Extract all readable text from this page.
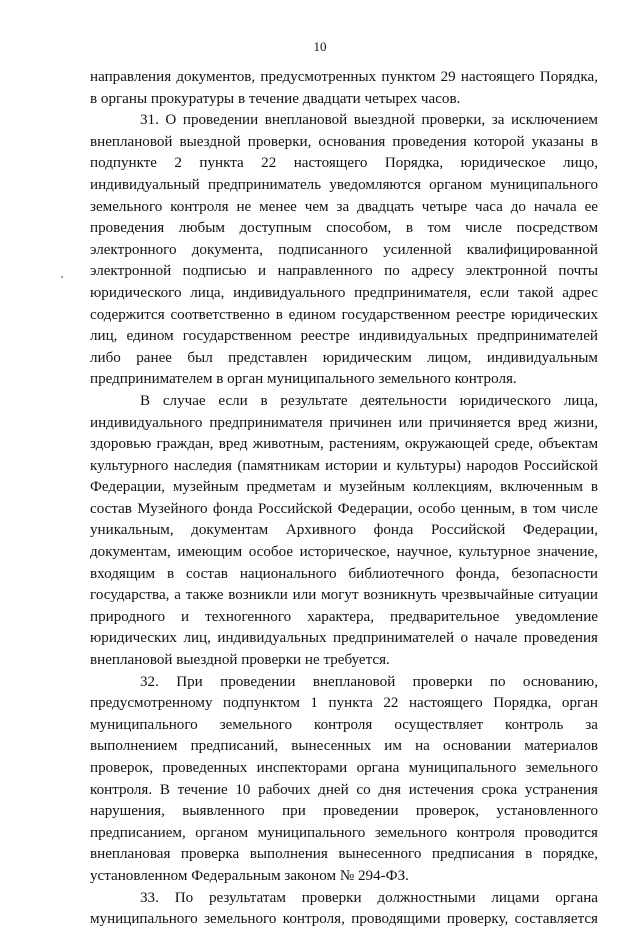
10

направления документов, предусмотренных пунктом 29 настоящего Порядка, в органы прокуратуры в течение двадцати четырех часов.

31. О проведении внеплановой выездной проверки, за исключением внеплановой выездной проверки, основания проведения которой указаны в подпункте 2 пункта 22 настоящего Порядка, юридическое лицо, индивидуальный предприниматель уведомляются органом муниципального земельного контроля не менее чем за двадцать четыре часа до начала ее проведения любым доступным способом, в том числе посредством электронного документа, подписанного усиленной квалифицированной электронной подписью и направленного по адресу электронной почты юридического лица, индивидуального предпринимателя, если такой адрес содержится соответственно в едином государственном реестре юридических лиц, едином государственном реестре индивидуальных предпринимателей либо ранее был представлен юридическим лицом, индивидуальным предпринимателем в орган муниципального земельного контроля.

В случае если в результате деятельности юридического лица, индивидуального предпринимателя причинен или причиняется вред жизни, здоровью граждан, вред животным, растениям, окружающей среде, объектам культурного наследия (памятникам истории и культуры) народов Российской Федерации, музейным предметам и музейным коллекциям, включенным в состав Музейного фонда Российской Федерации, особо ценным, в том числе уникальным, документам Архивного фонда Российской Федерации, документам, имеющим особое историческое, научное, культурное значение, входящим в состав национального библиотечного фонда, безопасности государства, а также возникли или могут возникнуть чрезвычайные ситуации природного и техногенного характера, предварительное уведомление юридических лиц, индивидуальных предпринимателей о начале проведения внеплановой выездной проверки не требуется.

32. При проведении внеплановой проверки по основанию, предусмотренному подпунктом 1 пункта 22 настоящего Порядка, орган муниципального земельного контроля осуществляет контроль за выполнением предписаний, вынесенных им на основании материалов проверок, проведенных инспекторами органа муниципального земельного контроля. В течение 10 рабочих дней со дня истечения срока устранения нарушения, выявленного при проведении проверок, установленного предписанием, органом муниципального земельного контроля проводится внеплановая проверка выполнения вынесенного предписания в порядке, установленном Федеральным законом № 294-ФЗ.

33. По результатам проверки должностными лицами органа муниципального земельного контроля, проводящими проверку, составляется
